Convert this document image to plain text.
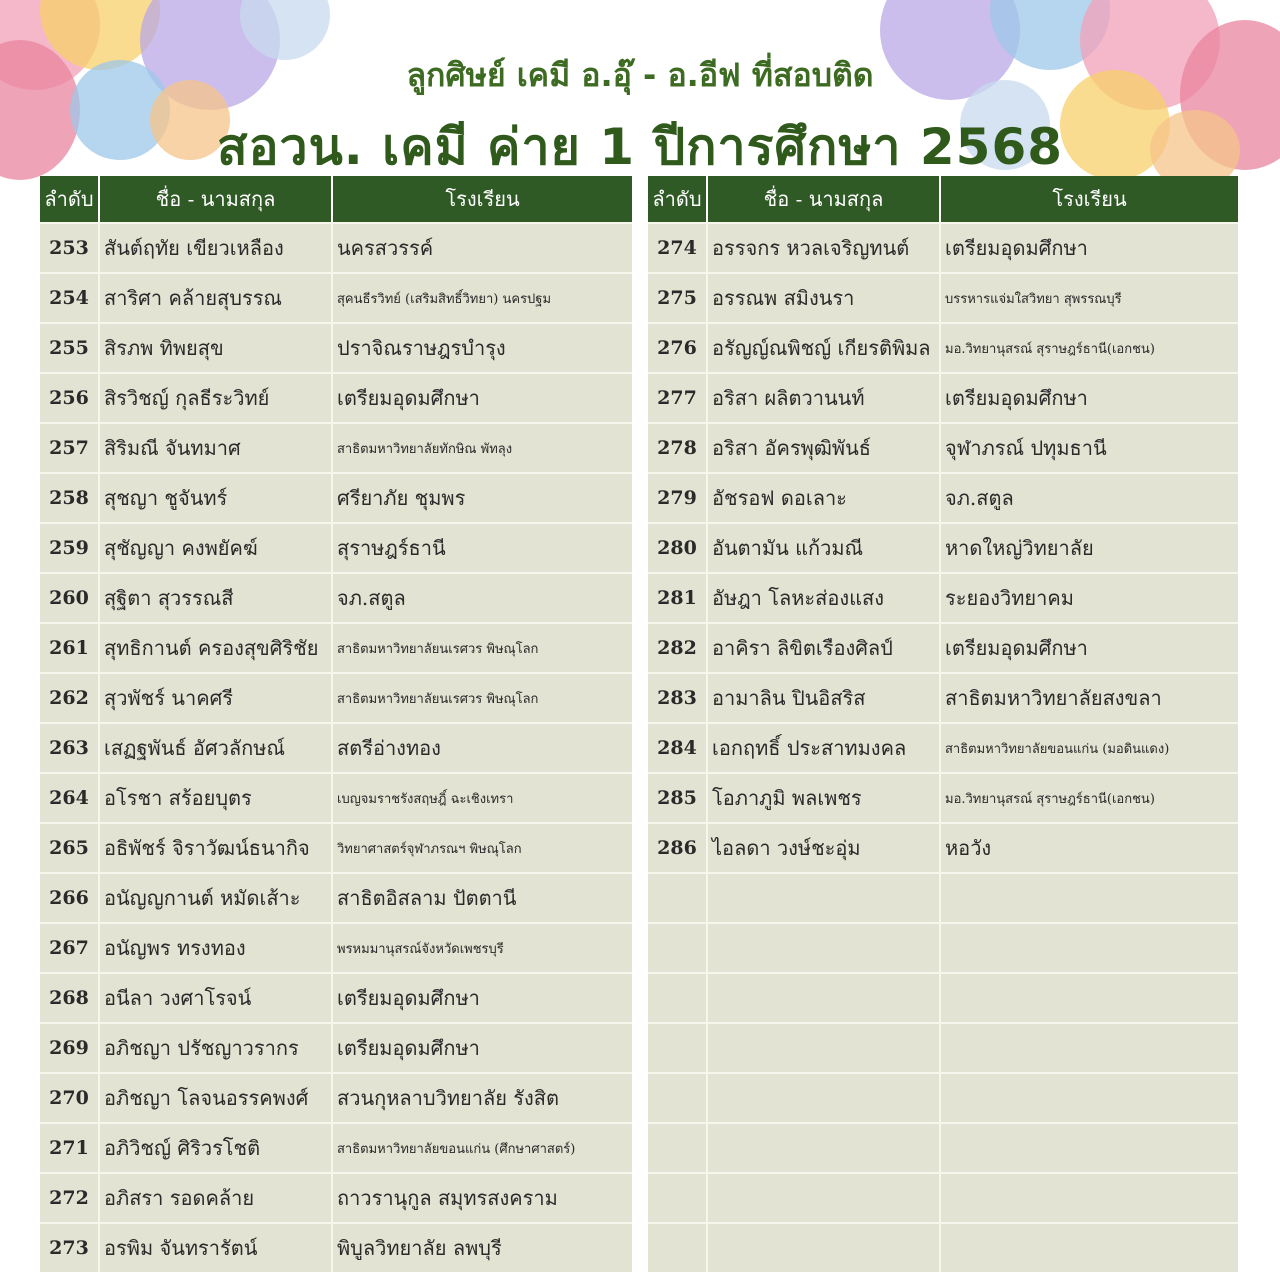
ลูกศิษย์ เคมี อ.อุ๊ - อ.อีฟ ที่สอบติด
สอวน. เคมี ค่าย 1 ปีการศึกษา 2568
ลำดับ	ชื่อ - นามสกุล	โรงเรียน
253	สันต์ฤทัย เขียวเหลือง	นครสวรรค์
254	สาริศา คล้ายสุบรรณ	สุคนธีรวิทย์ (เสริมสิทธิ์วิทยา) นครปฐม
255	สิรภพ ทิพยสุข	ปราจิณราษฎรบำรุง
256	สิรวิชญ์ กุลธีระวิทย์	เตรียมอุดมศึกษา
257	สิริมณี จันทมาศ	สาธิตมหาวิทยาลัยทักษิณ พัทลุง
258	สุชญา ชูจันทร์	ศรียาภัย ชุมพร
259	สุชัญญา คงพยัคฆ์	สุราษฎร์ธานี
260	สุฐิตา สุวรรณสี	จภ.สตูล
261	สุทธิกานต์ ครองสุขศิริชัย	สาธิตมหาวิทยาลัยนเรศวร พิษณุโลก
262	สุวพัชร์ นาคศรี	สาธิตมหาวิทยาลัยนเรศวร พิษณุโลก
263	เสฏฐพันธ์ อัศวลักษณ์	สตรีอ่างทอง
264	อโรชา สร้อยบุตร	เบญจมราชรังสฤษฎิ์ ฉะเชิงเทรา
265	อธิพัชร์ จิราวัฒน์ธนากิจ	วิทยาศาสตร์จุฬาภรณฯ พิษณุโลก
266	อนัญญกานต์ หมัดเส้าะ	สาธิตอิสลาม ปัตตานี
267	อนัญพร ทรงทอง	พรหมมานุสรณ์จังหวัดเพชรบุรี
268	อนีลา วงศาโรจน์	เตรียมอุดมศึกษา
269	อภิชญา ปรัชญาวรากร	เตรียมอุดมศึกษา
270	อภิชญา โลจนอรรคพงศ์	สวนกุหลาบวิทยาลัย รังสิต
271	อภิวิชญ์ ศิริวรโชติ	สาธิตมหาวิทยาลัยขอนแก่น (ศึกษาศาสตร์)
272	อภิสรา รอดคล้าย	ถาวรานุกูล สมุทรสงคราม
273	อรพิม จันทรารัตน์	พิบูลวิทยาลัย ลพบุรี
ลำดับ	ชื่อ - นามสกุล	โรงเรียน
274	อรรจกร หวลเจริญทนต์	เตรียมอุดมศึกษา
275	อรรณพ สมิงนรา	บรรหารแจ่มใสวิทยา สุพรรณบุรี
276	อรัญญ์ณพิชญ์ เกียรติพิมล	มอ.วิทยานุสรณ์ สุราษฎร์ธานี(เอกชน)
277	อริสา ผลิตวานนท์	เตรียมอุดมศึกษา
278	อริสา อัครพุฒิพันธ์	จุฬาภรณ์ ปทุมธานี
279	อัชรอฟ ดอเลาะ	จภ.สตูล
280	อันตามัน แก้วมณี	หาดใหญ่วิทยาลัย
281	อัษฎา โลหะส่องแสง	ระยองวิทยาคม
282	อาคิรา ลิขิตเรืองศิลป์	เตรียมอุดมศึกษา
283	อามาลิน ปินอิสริส	สาธิตมหาวิทยาลัยสงขลา
284	เอกฤทธิ์ ประสาทมงคล	สาธิตมหาวิทยาลัยขอนแก่น (มอดินแดง)
285	โอภาภูมิ พลเพชร	มอ.วิทยานุสรณ์ สุราษฎร์ธานี(เอกชน)
286	ไอลดา วงษ์ชะอุ่ม	หอวัง
